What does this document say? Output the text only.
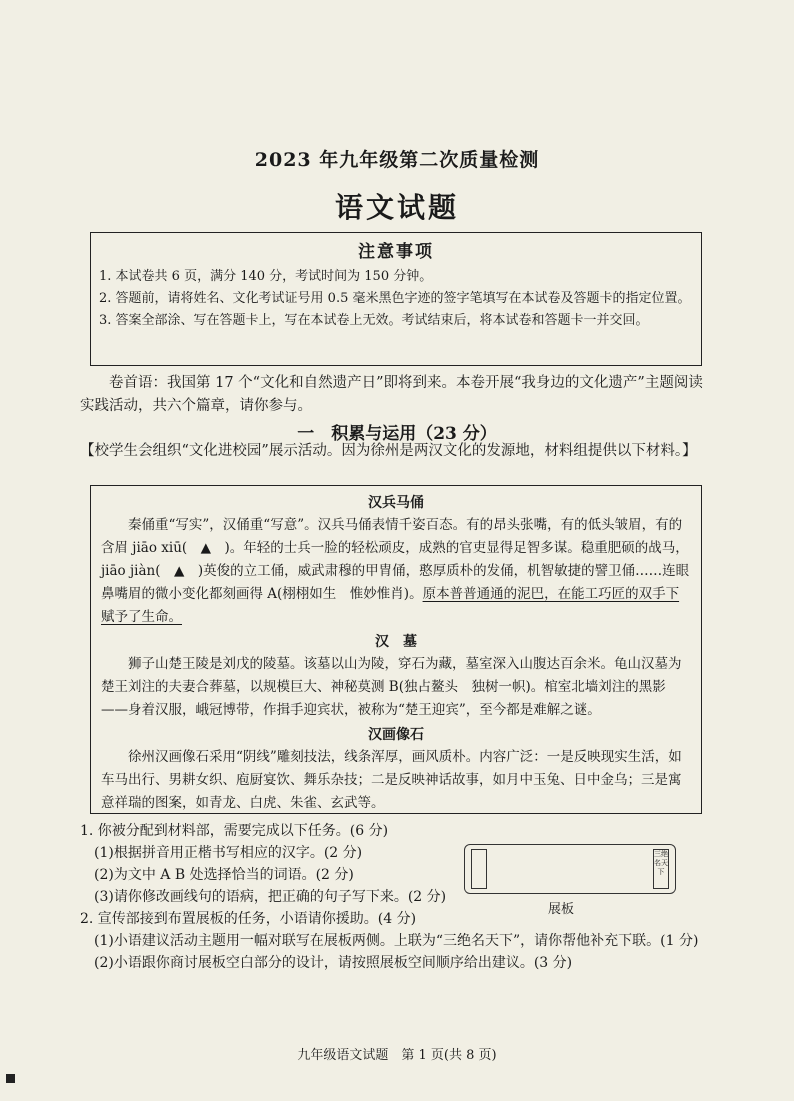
2023 年九年级第二次质量检测
语文试题
注意事项
1. 本试卷共 6 页，满分 140 分，考试时间为 150 分钟。
2. 答题前，请将姓名、文化考试证号用 0.5 毫米黑色字迹的签字笔填写在本试卷及答题卡的指定位置。
3. 答案全部涂、写在答题卡上，写在本试卷上无效。考试结束后，将本试卷和答题卡一并交回。
卷首语：我国第 17 个“文化和自然遗产日”即将到来。本卷开展“我身边的文化遗产”主题阅读实践活动，共六个篇章，请你参与。
一　积累与运用（23 分）
【校学生会组织“文化进校园”展示活动。因为徐州是两汉文化的发源地，材料组提供以下材料。】
汉兵马俑

秦俑重“写实”，汉俑重“写意”。汉兵马俑表情千姿百态。有的昂头张嘴，有的低头皱眉，有的含眉 jiāo xiū(　▲　)。年轻的士兵一脸的轻松顽皮，成熟的官吏显得足智多谋。稳重肥硕的战马，jiāo jiàn(　▲　)英俊的立工俑，威武肃穆的甲胄俑，憨厚质朴的发俑，机智敏捷的譬卫俑……连眼鼻嘴眉的微小变化都刻画得 A(栩栩如生　惟妙惟肖)。原本普普通通的泥巴，在能工巧匠的双手下赋予了生命。

汉　墓

狮子山楚王陵是刘戊的陵墓。该墓以山为陵，穿石为藏，墓室深入山腹达百余米。龟山汉墓为楚王刘注的夫妻合葬墓，以规模巨大、神秘莫测 B(独占鳌头　独树一帜)。棺室北墙刘注的黑影——身着汉服，峨冠博带，作揖手迎宾状，被称为“楚王迎宾”，至今都是难解之谜。

汉画像石

徐州汉画像石采用“阴线”雕刻技法，线条浑厚，画风质朴。内容广泛：一是反映现实生活，如车马出行、男耕女织、庖厨宴饮、舞乐杂技；二是反映神话故事，如月中玉兔、日中金乌；三是寓意祥瑞的图案，如青龙、白虎、朱雀、玄武等。

1. 你被分配到材料部，需要完成以下任务。(6 分)

(1)根据拼音用正楷书写相应的汉字。(2 分)

(2)为文中 A B 处选择恰当的词语。(2 分)

(3)请你修改画线句的语病，把正确的句子写下来。(2 分)

2. 宣传部接到布置展板的任务，小语请你援助。(4 分)

(1)小语建议活动主题用一幅对联写在展板两侧。上联为“三绝名天下”，请你帮他补充下联。(1 分)

(2)小语跟你商讨展板空白部分的设计，请按照展板空间顺序给出建议。(3 分)

三绝名天下
展板
九年级语文试题　第 1 页(共 8 页)
